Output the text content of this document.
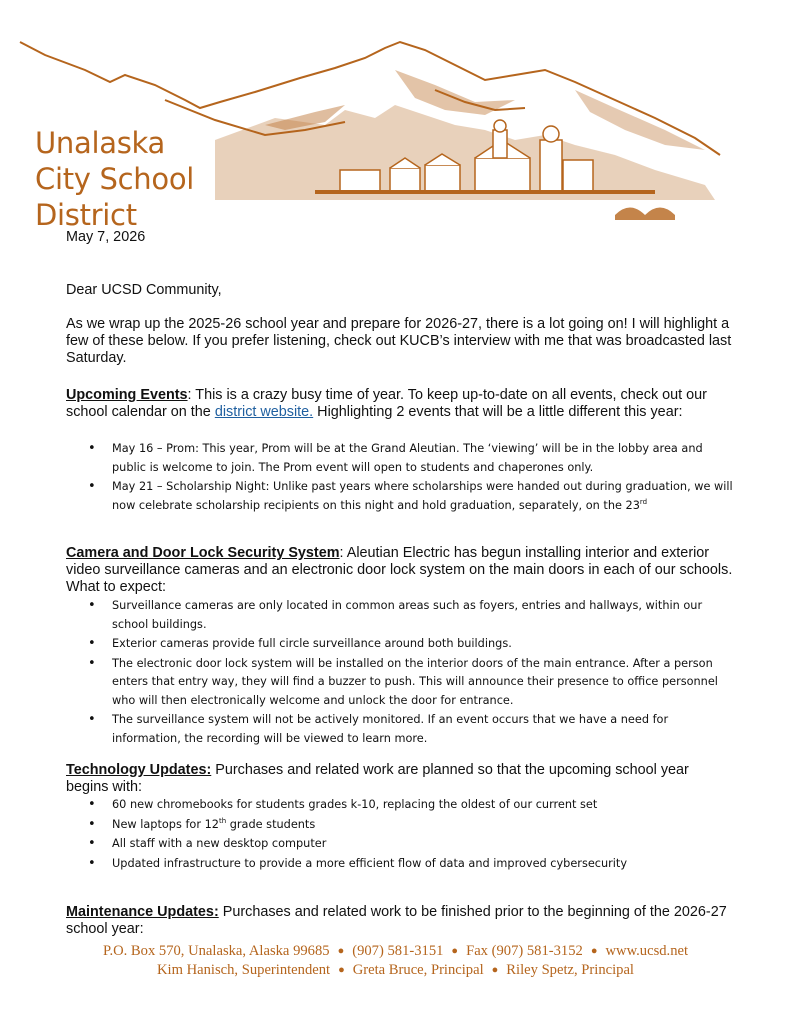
Unalaska
City School
District
May 7, 2026
Dear UCSD Community,
As we wrap up the 2025-26 school year and prepare for 2026-27, there is a lot going on! I will highlight a few of these below. If you prefer listening, check out KUCB’s interview with me that was broadcasted last Saturday.
Upcoming Events: This is a crazy busy time of year. To keep up-to-date on all events, check out our school calendar on the district website. Highlighting 2 events that will be a little different this year:
• May 16 – Prom: This year, Prom will be at the Grand Aleutian. The ‘viewing’ will be in the lobby area and public is welcome to join. The Prom event will open to students and chaperones only.
• May 21 – Scholarship Night: Unlike past years where scholarships were handed out during graduation, we will now celebrate scholarship recipients on this night and hold graduation, separately, on the 23rd
Camera and Door Lock Security System: Aleutian Electric has begun installing interior and exterior video surveillance cameras and an electronic door lock system on the main doors in each of our schools. What to expect:
• Surveillance cameras are only located in common areas such as foyers, entries and hallways, within our school buildings.
• Exterior cameras provide full circle surveillance around both buildings.
• The electronic door lock system will be installed on the interior doors of the main entrance. After a person enters that entry way, they will find a buzzer to push. This will announce their presence to office personnel who will then electronically welcome and unlock the door for entrance.
• The surveillance system will not be actively monitored. If an event occurs that we have a need for information, the recording will be viewed to learn more.
Technology Updates: Purchases and related work are planned so that the upcoming school year begins with:
• 60 new chromebooks for students grades k-10, replacing the oldest of our current set
• New laptops for 12th grade students
• All staff with a new desktop computer
• Updated infrastructure to provide a more efficient flow of data and improved cybersecurity
Maintenance Updates: Purchases and related work to be finished prior to the beginning of the 2026-27 school year:
P.O. Box 570, Unalaska, Alaska 99685 ● (907) 581-3151 ● Fax (907) 581-3152 ● www.ucsd.net
Kim Hanisch, Superintendent ● Greta Bruce, Principal ● Riley Spetz, Principal
